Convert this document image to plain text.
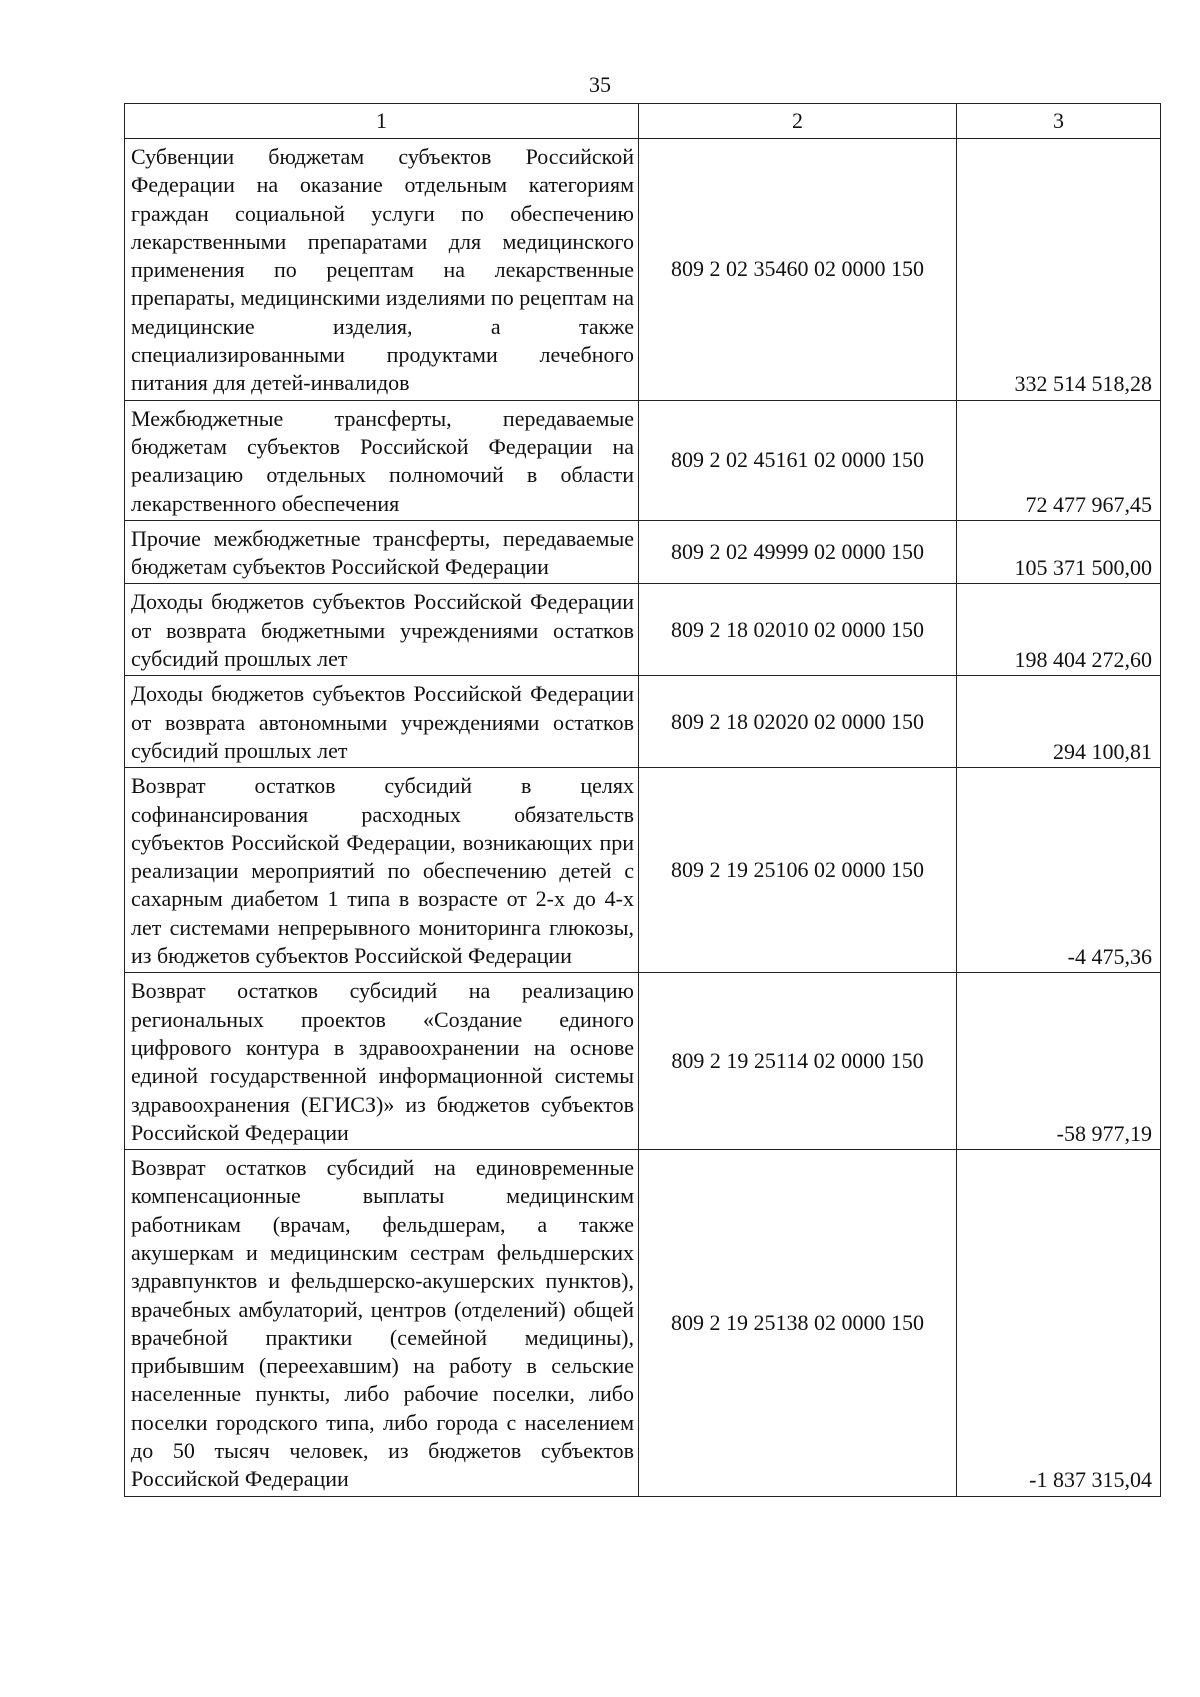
35
1	2	3
Субвенции бюджетам субъектов Российской Федерации на оказание отдельным категориям граждан социальной услуги по обеспечению лекарственными препаратами для медицинского применения по рецептам на лекарственные препараты, медицинскими изделиями по рецептам на медицинские изделия, а также специализированными продуктами лечебного питания для детей-инвалидов	809 2 02 35460 02 0000 150	332 514 518,28
Межбюджетные трансферты, передаваемые бюджетам субъектов Российской Федерации на реализацию отдельных полномочий в области лекарственного обеспечения	809 2 02 45161 02 0000 150	72 477 967,45
Прочие межбюджетные трансферты, передаваемые бюджетам субъектов Российской Федерации	809 2 02 49999 02 0000 150	105 371 500,00
Доходы бюджетов субъектов Российской Федерации от возврата бюджетными учреждениями остатков субсидий прошлых лет	809 2 18 02010 02 0000 150	198 404 272,60
Доходы бюджетов субъектов Российской Федерации от возврата автономными учреждениями остатков субсидий прошлых лет	809 2 18 02020 02 0000 150	294 100,81
Возврат остатков субсидий в целях софинансирования расходных обязательств субъектов Российской Федерации, возникающих при реализации мероприятий по обеспечению детей с сахарным диабетом 1 типа в возрасте от 2-х до 4-х лет системами непрерывного мониторинга глюкозы, из бюджетов субъектов Российской Федерации	809 2 19 25106 02 0000 150	-4 475,36
Возврат остатков субсидий на реализацию региональных проектов «Создание единого цифрового контура в здравоохранении на основе единой государственной информационной системы здравоохранения (ЕГИСЗ)» из бюджетов субъектов Российской Федерации	809 2 19 25114 02 0000 150	-58 977,19
Возврат остатков субсидий на единовременные компенсационные выплаты медицинским работникам (врачам, фельдшерам, а также акушеркам и медицинским сестрам фельдшерских здравпунктов и фельдшерско-акушерских пунктов), врачебных амбулаторий, центров (отделений) общей врачебной практики (семейной медицины), прибывшим (переехавшим) на работу в сельские населенные пункты, либо рабочие поселки, либо поселки городского типа, либо города с населением до 50 тысяч человек, из бюджетов субъектов Российской Федерации	809 2 19 25138 02 0000 150	-1 837 315,04
